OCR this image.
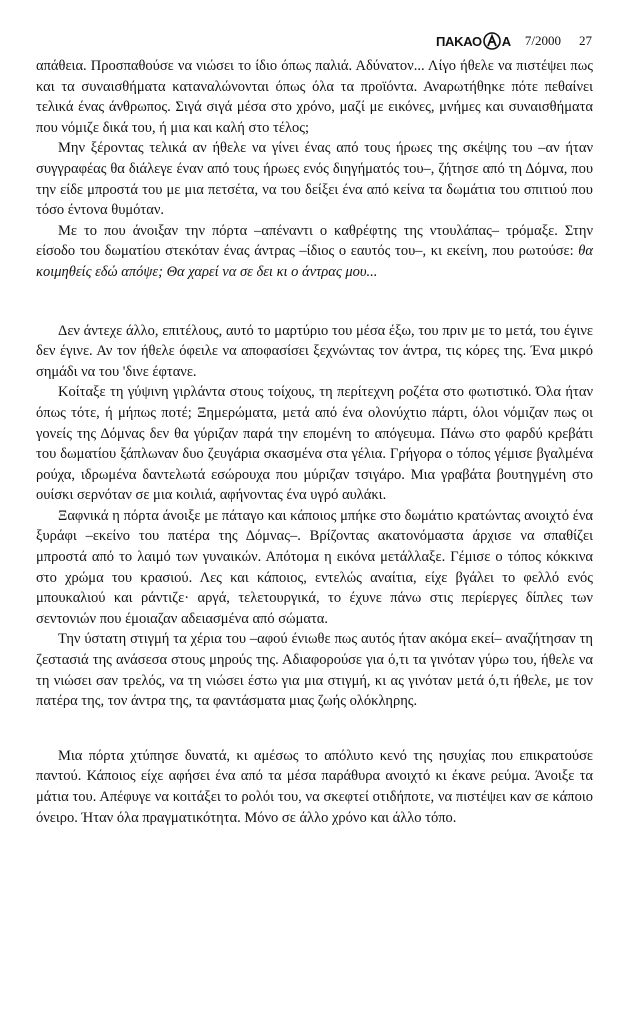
ΠΑΚΑΟ Α 7/2000 27

απάθεια. Προσπαθούσε να νιώσει το ίδιο όπως παλιά. Αδύνατον... Λίγο ήθελε να πιστέψει πως και τα συναισθήματα καταναλώνονται όπως όλα τα προϊόντα. Αναρωτήθηκε πότε πεθαίνει τελικά ένας άνθρωπος. Σιγά σιγά μέσα στο χρόνο, μαζί με εικόνες, μνήμες και συναισθήματα που νόμιζε δικά του, ή μια και καλή στο τέλος;

Μην ξέροντας τελικά αν ήθελε να γίνει ένας από τους ήρωες της σκέψης του –αν ήταν συγγραφέας θα διάλεγε έναν από τους ήρωες ενός διηγήματός του–, ζήτησε από τη Δόμνα, που την είδε μπροστά του με μια πετσέτα, να του δείξει ένα από κείνα τα δωμάτια του σπιτιού που τόσο έντονα θυμόταν.

Με το που άνοιξαν την πόρτα –απέναντι ο καθρέφτης της ντουλάπας– τρόμαξε. Στην είσοδο του δωματίου στεκόταν ένας άντρας –ίδιος ο εαυτός του–, κι εκείνη, που ρωτούσε: θα κοιμηθείς εδώ απόψε; Θα χαρεί να σε δει κι ο άντρας μου...

Δεν άντεχε άλλο, επιτέλους, αυτό το μαρτύριο του μέσα έξω, του πριν με το μετά, του έγινε δεν έγινε. Αν τον ήθελε όφειλε να αποφασίσει ξεχνώντας τον άντρα, τις κόρες της. Ένα μικρό σημάδι να του 'δινε έφτανε.

Κοίταξε τη γύψινη γιρλάντα στους τοίχους, τη περίτεχνη ροζέτα στο φωτιστικό. Όλα ήταν όπως τότε, ή μήπως ποτέ; Ξημερώματα, μετά από ένα ολονύχτιο πάρτι, όλοι νόμιζαν πως οι γονείς της Δόμνας δεν θα γύριζαν παρά την επομένη το απόγευμα. Πάνω στο φαρδύ κρεβάτι του δωματίου ξάπλωναν δυο ζευγάρια σκασμένα στα γέλια. Γρήγορα ο τόπος γέμισε βγαλμένα ρούχα, ιδρωμένα δαντελωτά εσώρουχα που μύριζαν τσιγάρο. Μια γραβάτα βουτηγμένη στο ουίσκι σερνόταν σε μια κοιλιά, αφήνοντας ένα υγρό αυλάκι.

Ξαφνικά η πόρτα άνοιξε με πάταγο και κάποιος μπήκε στο δωμάτιο κρατώντας ανοιχτό ένα ξυράφι –εκείνο του πατέρα της Δόμνας–. Βρίζοντας ακατονόμαστα άρχισε να σπαθίζει μπροστά από το λαιμό των γυναικών. Απότομα η εικόνα μετάλλαξε. Γέμισε ο τόπος κόκκινα στο χρώμα του κρασιού. Λες και κάποιος, εντελώς αναίτια, είχε βγάλει το φελλό ενός μπουκαλιού και ράντιζε· αργά, τελετουργικά, το έχυνε πάνω στις περίεργες δίπλες των σεντονιών που έμοιαζαν αδειασμένα από σώματα.

Την ύστατη στιγμή τα χέρια του –αφού ένιωθε πως αυτός ήταν ακόμα εκεί– αναζήτησαν τη ζεστασιά της ανάσεσα στους μηρούς της. Αδιαφορούσε για ό,τι τα γινόταν γύρω του, ήθελε να τη νιώσει σαν τρελός, να τη νιώσει έστω για μια στιγμή, κι ας γινόταν μετά ό,τι ήθελε, με τον πατέρα της, τον άντρα της, τα φαντάσματα μιας ζωής ολόκληρης.

Μια πόρτα χτύπησε δυνατά, κι αμέσως το απόλυτο κενό της ησυχίας που επικρατούσε παντού. Κάποιος είχε αφήσει ένα από τα μέσα παράθυρα ανοιχτό κι έκανε ρεύμα. Άνοιξε τα μάτια του. Απέφυγε να κοιτάξει το ρολόι του, να σκεφτεί οτιδήποτε, να πιστέψει καν σε κάποιο όνειρο. Ήταν όλα πραγματικότητα. Μόνο σε άλλο χρόνο και άλλο τόπο.
